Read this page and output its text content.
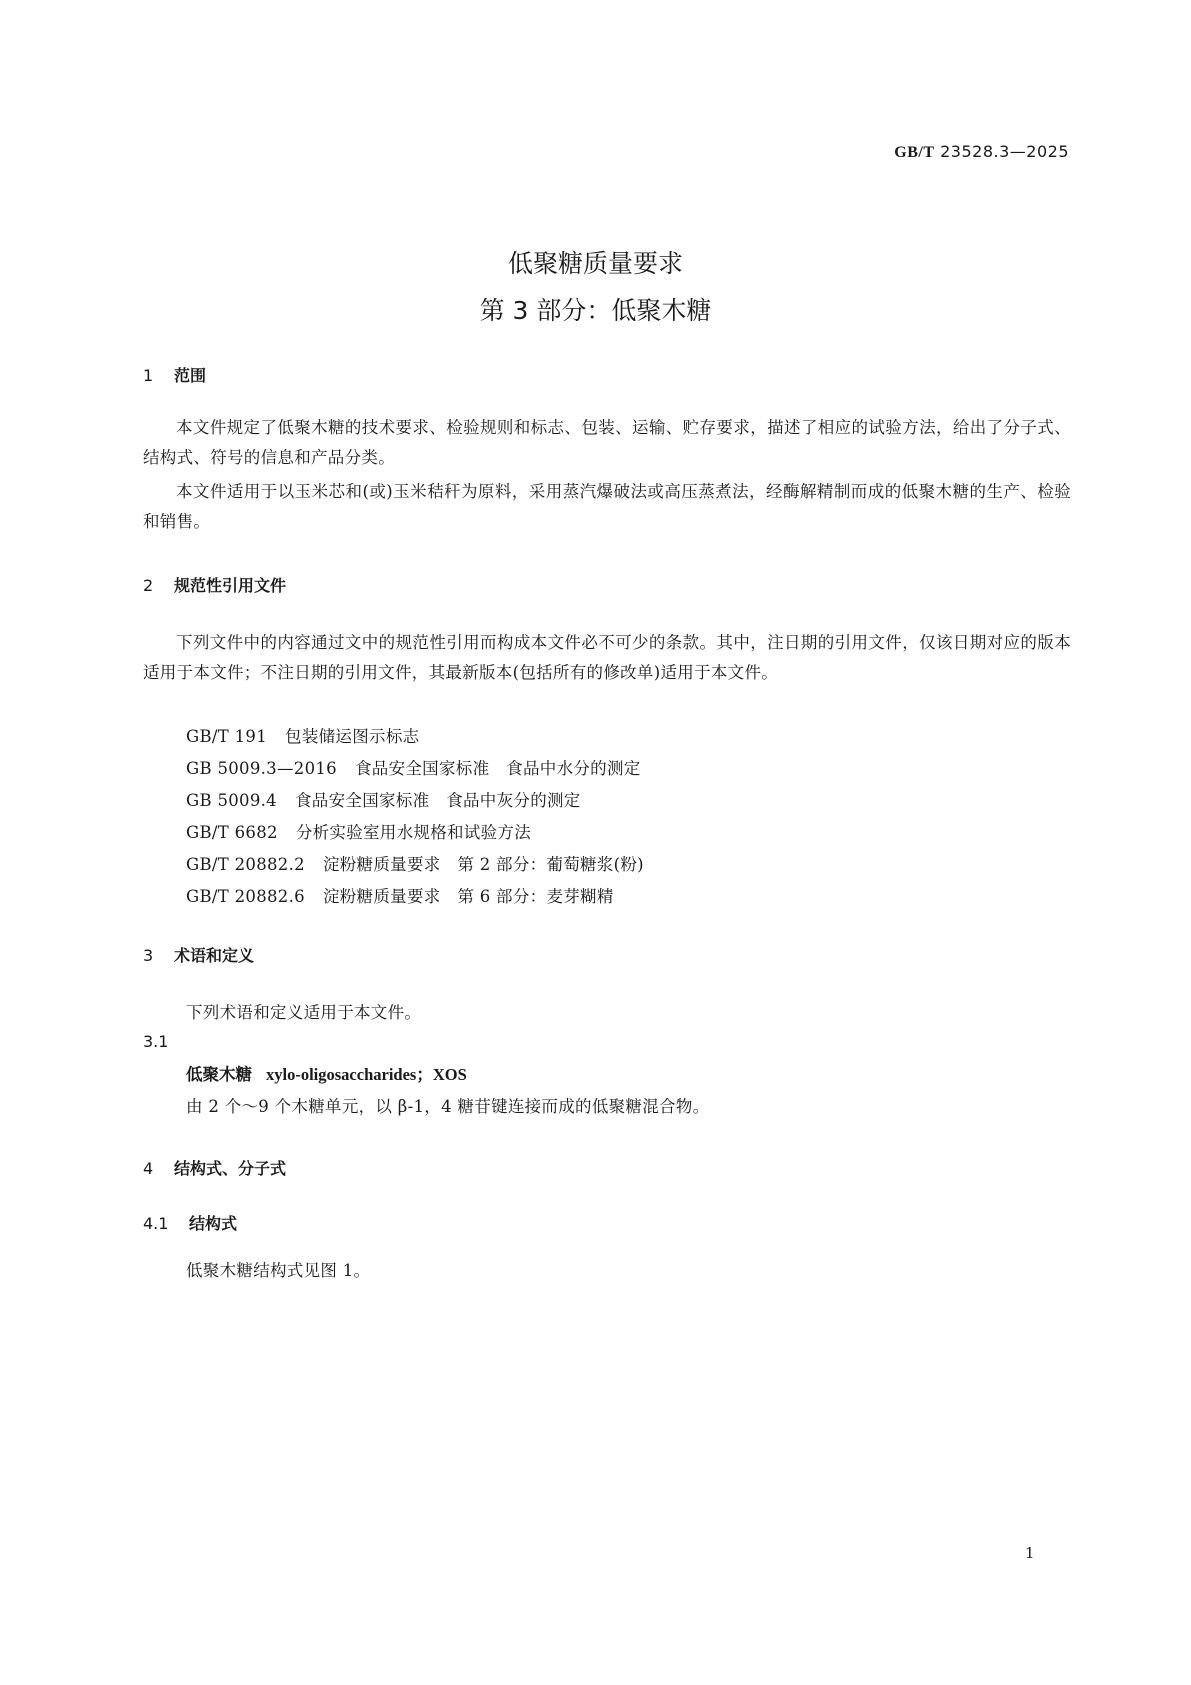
GB/T 23528.3—2025
低聚糖质量要求
第 3 部分：低聚木糖
1 范围
本文件规定了低聚木糖的技术要求、检验规则和标志、包装、运输、贮存要求，描述了相应的试验方法，给出了分子式、结构式、符号的信息和产品分类。
本文件适用于以玉米芯和(或)玉米秸秆为原料，采用蒸汽爆破法或高压蒸煮法，经酶解精制而成的低聚木糖的生产、检验和销售。
2 规范性引用文件
下列文件中的内容通过文中的规范性引用而构成本文件必不可少的条款。其中，注日期的引用文件，仅该日期对应的版本适用于本文件；不注日期的引用文件，其最新版本(包括所有的修改单)适用于本文件。
GB/T 191 包装储运图示标志
GB 5009.3—2016 食品安全国家标准　食品中水分的测定
GB 5009.4 食品安全国家标准　食品中灰分的测定
GB/T 6682 分析实验室用水规格和试验方法
GB/T 20882.2 淀粉糖质量要求　第 2 部分：葡萄糖浆(粉)
GB/T 20882.6 淀粉糖质量要求　第 6 部分：麦芽糊精
3 术语和定义
下列术语和定义适用于本文件。
3.1
低聚木糖 xylo-oligosaccharides；XOS
由 2 个～9 个木糖单元，以 β-1，4 糖苷键连接而成的低聚糖混合物。
4 结构式、分子式
4.1 结构式
低聚木糖结构式见图 1。
1
